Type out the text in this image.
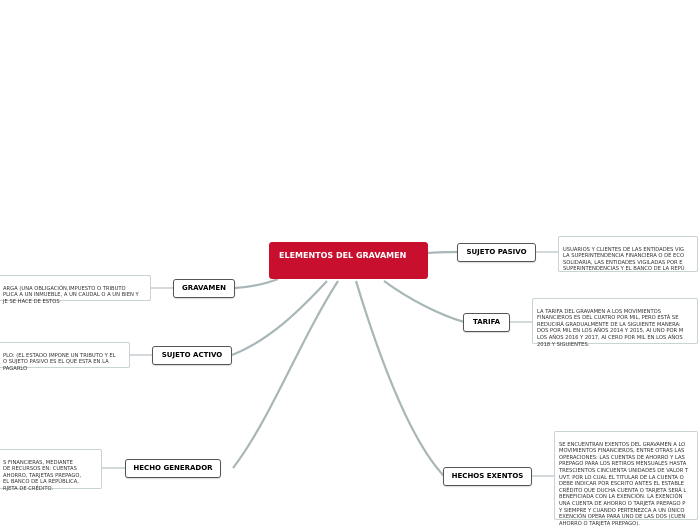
ELEMENTOS DEL GRAVAMEN	SUJETO PASIVO	USUARIOS Y CLIENTES DE LAS ENTIDADES VIG
LA SUPERINTENDENCIA FINANCIERA O DE ECO
SOLIDARIA, LAS ENTIDADES VIGILADAS POR E
SUPERINTENDENCIAS Y EL BANCO DE LA REPÚ

TARIFA

LA TARIFA DEL GRAVAMEN A LOS MOVIMIENTOS
FINANCIEROS ES DEL CUATRO POR MIL, PERO ESTÁ SE
REDUCIRÁ GRADUALMENTE DE LA SIGUIENTE MANERA:
DOS POR MIL EN LOS AÑOS 2014 Y 2015, AI UNO POR M
LOS AÑOS 2016 Y 2017, AI CERO POR MIL EN LOS AÑOS
2018 Y SIGUIENTES.

HECHOS EXENTOS

SE ENCUENTRAN EXENTOS DEL GRAVAMEN A LO
MOVIMIENTOS FINANCIEROS, ENTRE OTRAS LAS
OPERACIONES: LAS CUENTAS DE AHORRO Y LAS
PREPAGO PARA LOS RETIROS MENSUALES HASTA
TRESCIENTOS CINCUENTA UNIDADES DE VALOR T
UVT. POR LO CUAL EL TITULAR DE LA CUENTA O
DEBE INDICAR POR ESCRITO ANTES EL ESTABLE
CRÉDITO QUE DUCHA CUENTA O TARJETA SERÁ L
BENEFICIADA CON LA EXENCIÓN. LA EXENCIÓN
UNA CUENTA DE AHORRO O TARJETA PREPAGO P
Y SIEMPRE Y CUANDO PERTENEZCA A UN ÚNICO
EXENCIÓN OPERA PARA UNO DE LAS DOS (CUEN
AHORRO O TARJETA PREPAGO).

GRAVAMEN

ARGA (UNA OBLIGACIÓN,IMPUESTO O TRIBUTO
PLICA A UN INMUEBLE, A UN CAUDAL O A UN BIEN Y
JE SE HACE DE ESTOS

SUJETO ACTIVO

PLO: (EL ESTADO IMPONE UN TRIBUTO Y EL
O SUJETO PASIVO ES EL QUE ESTA EN LA
PAGARLO

HECHO GENERADOR

S FINANCIERAS, MEDIANTE
DE RECURSOS EN: CUENTAS
AHORRO, TARJETAS PREPAGO,
EL BANCO DE LA REPÚBLICA,
RJETA DE CRÉDITO.
